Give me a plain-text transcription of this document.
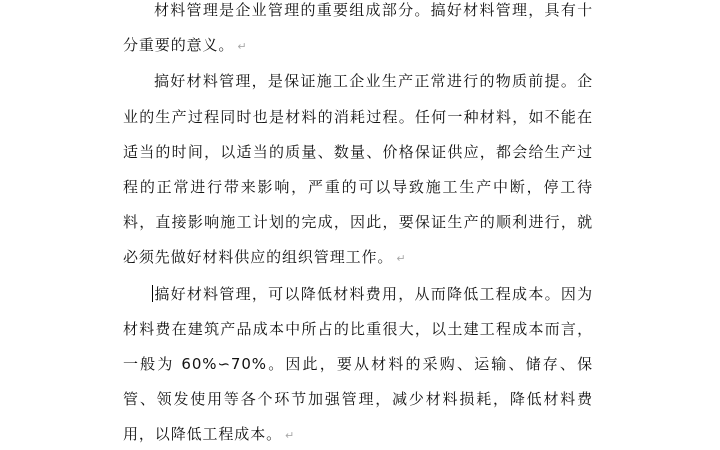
材料管理是企业管理的重要组成部分。搞好材料管理，具有十分重要的意义。 ↵

搞好材料管理，是保证施工企业生产正常进行的物质前提。企业的生产过程同时也是材料的消耗过程。任何一种材料，如不能在适当的时间，以适当的质量、数量、价格保证供应，都会给生产过程的正常进行带来影响，严重的可以导致施工生产中断，停工待料，直接影响施工计划的完成，因此，要保证生产的顺利进行，就必须先做好材料供应的组织管理工作。 ↵

搞好材料管理，可以降低材料费用，从而降低工程成本。因为材料费在建筑产品成本中所占的比重很大，以土建工程成本而言，一般为 60%∽70%。因此，要从材料的采购、运输、储存、保管、领发使用等各个环节加强管理，减少材料损耗，降低材料费用，以降低工程成本。 ↵
